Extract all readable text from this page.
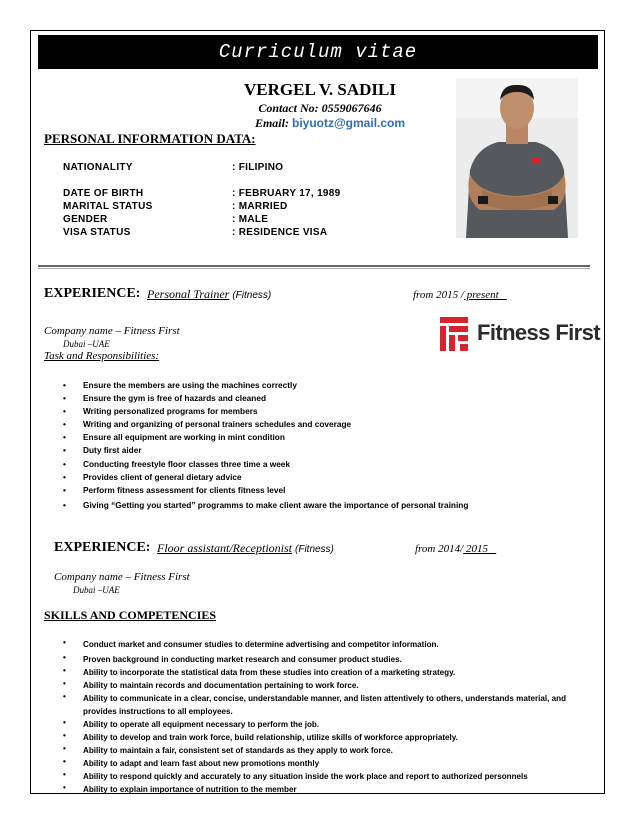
Curriculum vitae
VERGEL V. SADILI
Contact No: 0559067646
Email: biyuotz@gmail.com
PERSONAL INFORMATION DATA:
NATIONALITY	: FILIPINO
DATE OF BIRTH	: FEBRUARY 17, 1989
MARITAL STATUS	: MARRIED
GENDER	: MALE
VISA STATUS	: RESIDENCE VISA
EXPERIENCE: Personal Trainer (Fitness)	from 2015 / present
Company name – Fitness First
Dubai –UAE
Task and Responsibilities:
Fitness First
• Ensure the members are using the machines correctly
• Ensure the gym is free of hazards and cleaned
• Writing personalized programs for members
• Writing and organizing of personal trainers schedules and coverage
• Ensure all equipment are working in mint condition
• Duty first aider
• Conducting freestyle floor classes three time a week
• Provides client of general dietary advice
• Perform fitness assessment for clients fitness level
• Giving “Getting you started” programms to make client aware the importance of personal training
EXPERIENCE: Floor assistant/Receptionist (Fitness)	from 2014/ 2015
Company name – Fitness First
Dubai –UAE
SKILLS AND COMPETENCIES
• Conduct market and consumer studies to determine advertising and competitor information.
• Proven background in conducting market research and consumer product studies.
• Ability to incorporate the statistical data from these studies into creation of a marketing strategy.
• Ability to maintain records and documentation pertaining to work force.
• Ability to communicate in a clear, concise, understandable manner, and listen attentively to others, understands material, and provides instructions to all employees.
• Ability to operate all equipment necessary to perform the job.
• Ability to develop and train work force, build relationship, utilize skills of workforce appropriately.
• Ability to maintain a fair, consistent set of standards as they apply to work force.
• Ability to adapt and learn fast about new promotions monthly
• Ability to respond quickly and accurately to any situation inside the work place and report to authorized personnels
• Ability to explain importance of nutrition to the member
